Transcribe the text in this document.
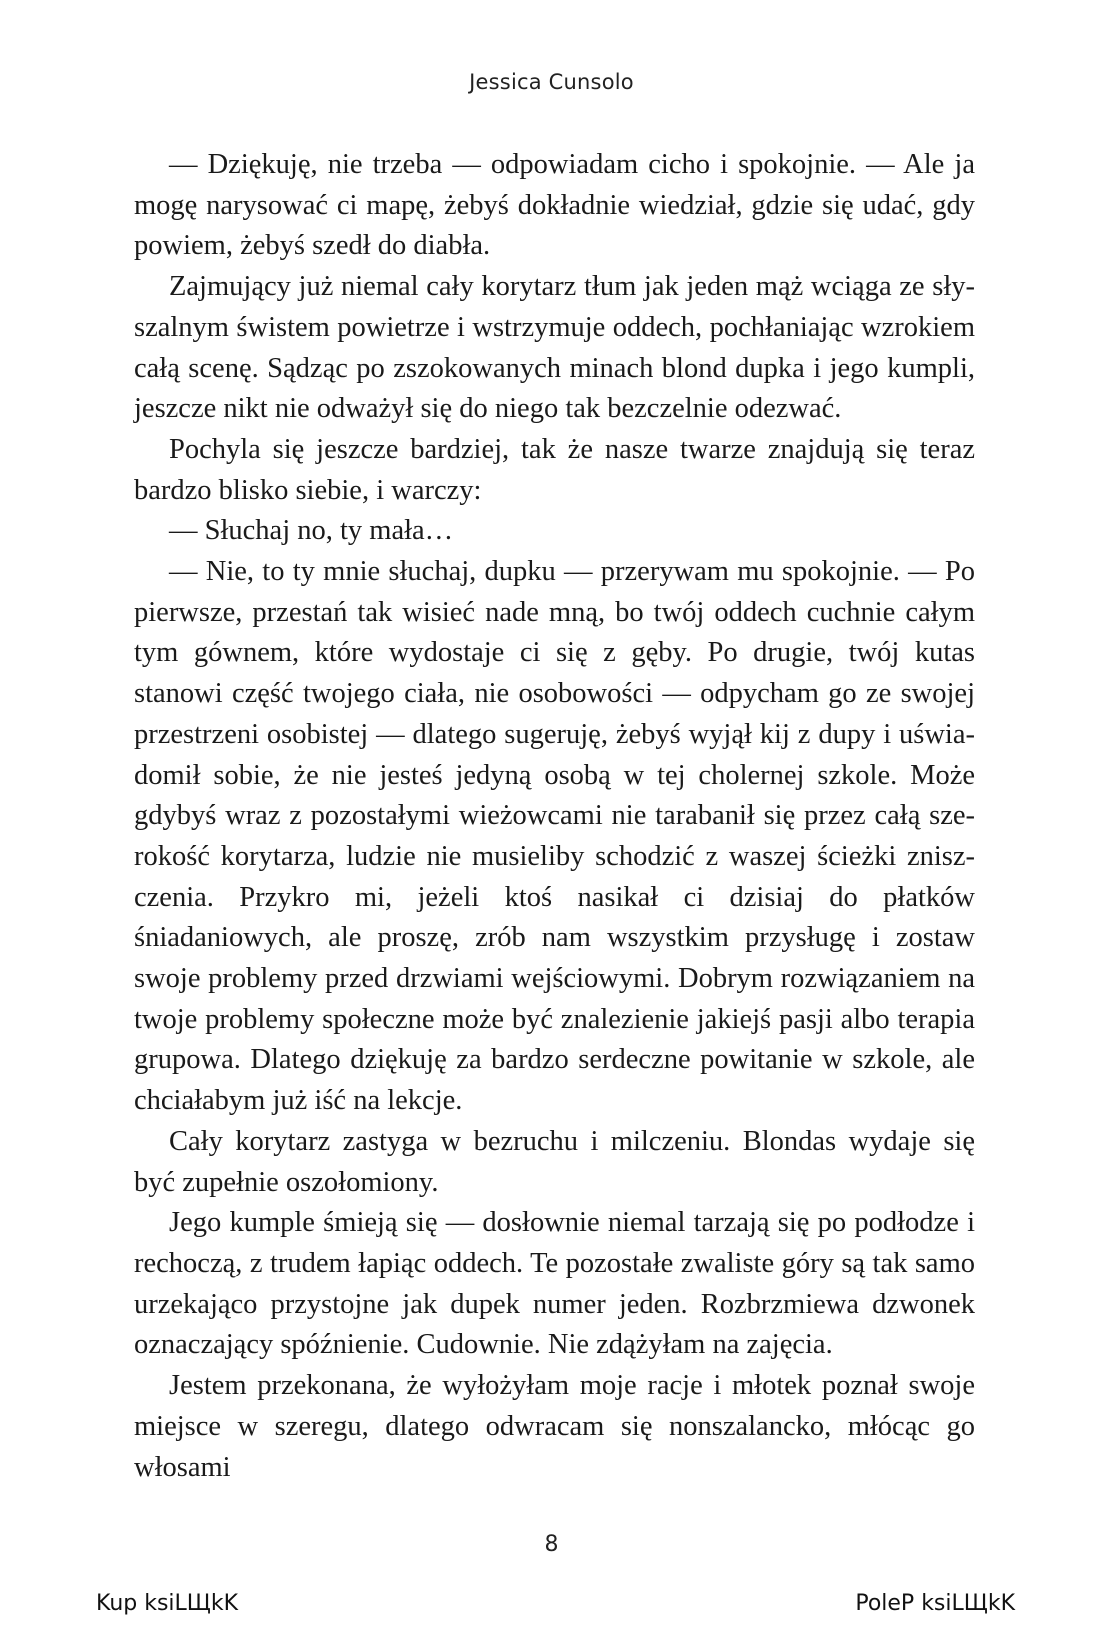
Jessica Cunsolo

— Dziękuję, nie trzeba — odpowiadam cicho i spokojnie. — Ale ja mogę narysować ci mapę, żebyś dokładnie wiedział, gdzie się udać, gdy powiem, żebyś szedł do diabła.

Zajmujący już niemal cały korytarz tłum jak jeden mąż wciąga ze słyszalnym świstem powietrze i wstrzymuje oddech, pochłaniając wzrokiem całą scenę. Sądząc po zszokowanych minach blond dupka i jego kumpli, jeszcze nikt nie odważył się do niego tak bezczelnie odezwać.

Pochyla się jeszcze bardziej, tak że nasze twarze znajdują się teraz bardzo blisko siebie, i warczy:

— Słuchaj no, ty mała…

— Nie, to ty mnie słuchaj, dupku — przerywam mu spokojnie. — Po pierwsze, przestań tak wisieć nade mną, bo twój oddech cuchnie całym tym gównem, które wydostaje ci się z gęby. Po drugie, twój kutas stanowi część twojego ciała, nie osobowości — odpycham go ze swojej przestrzeni osobistej — dlatego sugeruję, żebyś wyjął kij z dupy i uświadomił sobie, że nie jesteś jedyną osobą w tej cholernej szkole. Może gdybyś wraz z pozostałymi wieżowcami nie tarabanił się przez całą szerokość korytarza, ludzie nie musieliby schodzić z waszej ścieżki zniszczenia. Przykro mi, jeżeli ktoś nasikał ci dzisiaj do płatków śniadaniowych, ale proszę, zrób nam wszystkim przysługę i zostaw swoje problemy przed drzwiami wejściowymi. Dobrym rozwiązaniem na twoje problemy społeczne może być znalezienie jakiejś pasji albo terapia grupowa. Dlatego dziękuję za bardzo serdeczne powitanie w szkole, ale chciałabym już iść na lekcje.

Cały korytarz zastyga w bezruchu i milczeniu. Blondas wydaje się być zupełnie oszołomiony.

Jego kumple śmieją się — dosłownie niemal tarzają się po podłodze i rechoczą, z trudem łapiąc oddech. Te pozostałe zwaliste góry są tak samo urzekająco przystojne jak dupek numer jeden. Rozbrzmiewa dzwonek oznaczający spóźnienie. Cudownie. Nie zdążyłam na zajęcia.

Jestem przekonana, że wyłożyłam moje racje i młotek poznał swoje miejsce w szeregu, dlatego odwracam się nonszalancko, młócąc go włosami

8
Kup ksiLЩkK	PoleP ksiLЩkK
